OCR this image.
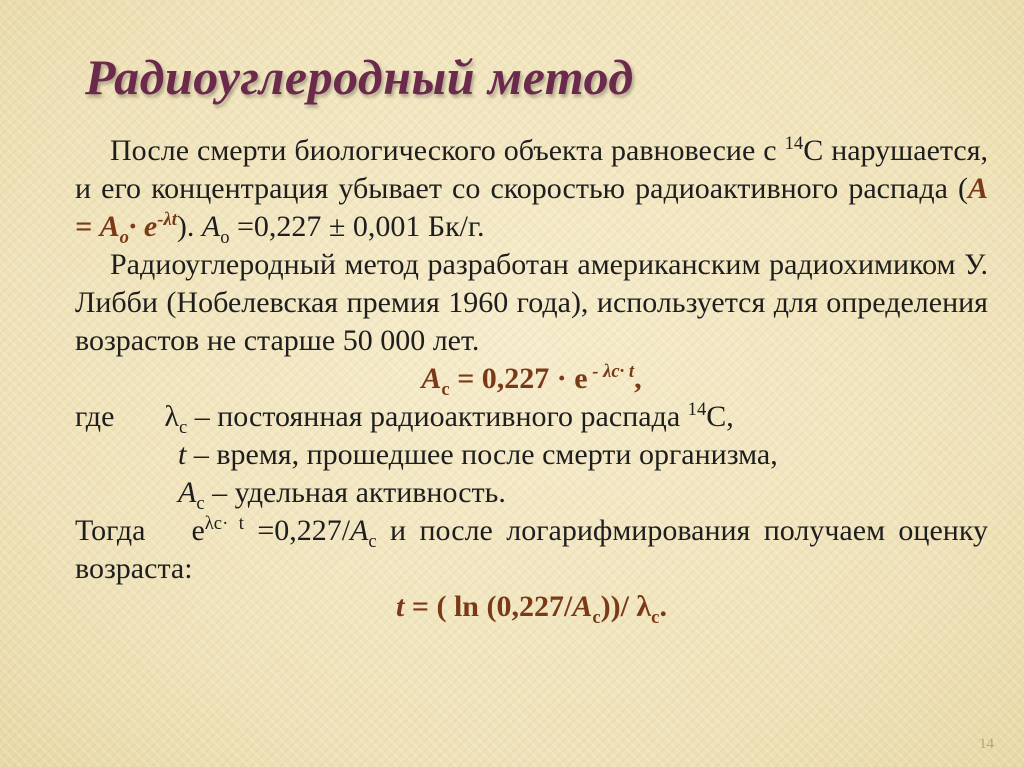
Радиоуглеродный метод

После смерти биологического объекта равновесие с $^{14}$С нарушается, и его концентрация убывает со скоростью радиоактивного распада $(А = А_о\cdot е^{-\lambda t})$. $А_о =0,227 \pm 0,001$ Бк/г.

Радиоуглеродный метод разработан американским радиохимиком У. Либби (Нобелевская премия 1960 года), используется для определения возрастов не старше 50 000 лет.

$А_с = 0,227 \cdot е$ $^{- \lambda с\cdot t}$,

где $\lambda_с$ – постоянная радиоактивного распада $^{14}$С,

t – время, прошедшее после смерти организма,

$А_с$ – удельная активность.

Тогда $е^{\lambda с\cdot t} =0,227/А_с$ и после логарифмирования получаем оценку возраста:

t = ( $\ln (0,227/А_с))/$ $\lambda_с$.

14
